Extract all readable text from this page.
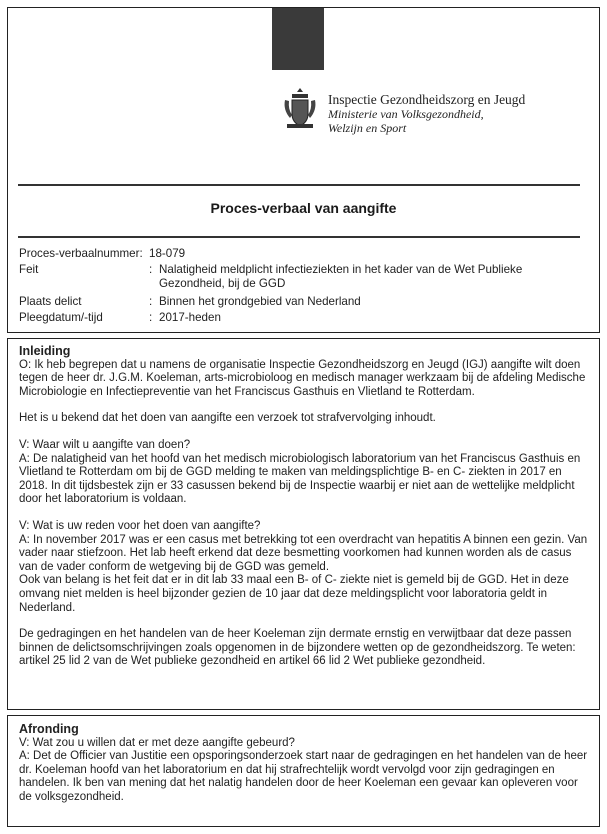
Inspectie Gezondheidszorg en Jeugd
Ministerie van Volksgezondheid,
Welzijn en Sport
Proces-verbaal van aangifte
Proces-verbaalnummer: 18-079
Feit	: Nalatigheid meldplicht infectieziekten in het kader van de Wet Publieke Gezondheid, bij de GGD
Plaats delict	: Binnen het grondgebied van Nederland
Pleegdatum/-tijd	: 2017-heden

Inleiding

O: Ik heb begrepen dat u namens de organisatie Inspectie Gezondheidszorg en Jeugd (IGJ) aangifte wilt doen tegen de heer dr. J.G.M. Koeleman, arts-microbioloog en medisch manager werkzaam bij de afdeling Medische Microbiologie en Infectiepreventie van het Franciscus Gasthuis en Vlietland te Rotterdam.

Het is u bekend dat het doen van aangifte een verzoek tot strafvervolging inhoudt.

V: Waar wilt u aangifte van doen?

A: De nalatigheid van het hoofd van het medisch microbiologisch laboratorium van het Franciscus Gasthuis en Vlietland te Rotterdam om bij de GGD melding te maken van meldingsplichtige B- en C- ziekten in 2017 en 2018. In dit tijdsbestek zijn er 33 casussen bekend bij de Inspectie waarbij er niet aan de wettelijke meldplicht door het laboratorium is voldaan.

V: Wat is uw reden voor het doen van aangifte?

A: In november 2017 was er een casus met betrekking tot een overdracht van hepatitis A binnen een gezin. Van vader naar stiefzoon. Het lab heeft erkend dat deze besmetting voorkomen had kunnen worden als de casus van de vader conform de wetgeving bij de GGD was gemeld.

Ook van belang is het feit dat er in dit lab 33 maal een B- of C- ziekte niet is gemeld bij de GGD. Het in deze omvang niet melden is heel bijzonder gezien de 10 jaar dat deze meldingsplicht voor laboratoria geldt in Nederland.

De gedragingen en het handelen van de heer Koeleman zijn dermate ernstig en verwijtbaar dat deze passen binnen de delictsomschrijvingen zoals opgenomen in de bijzondere wetten op de gezondheidszorg. Te weten: artikel 25 lid 2 van de Wet publieke gezondheid en artikel 66 lid 2 Wet publieke gezondheid.

Afronding

V: Wat zou u willen dat er met deze aangifte gebeurd?

A: Det de Officier van Justitie een opsporingsonderzoek start naar de gedragingen en het handelen van de heer dr. Koeleman hoofd van het laboratorium en dat hij strafrechtelijk wordt vervolgd voor zijn gedragingen en handelen. Ik ben van mening dat het nalatig handelen door de heer Koeleman een gevaar kan opleveren voor de volksgezondheid.
